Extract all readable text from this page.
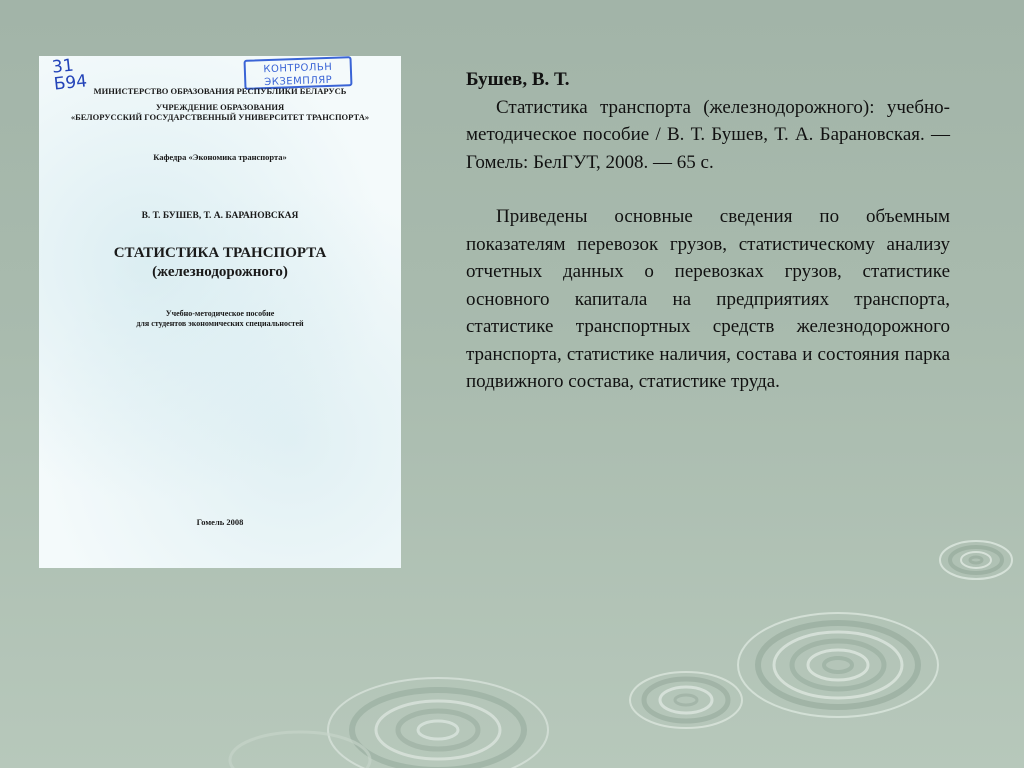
31
Б94
КОНТРОЛЬН
ЭКЗЕМПЛЯР
МИНИСТЕРСТВО ОБРАЗОВАНИЯ РЕСПУБЛИКИ БЕЛАРУСЬ
УЧРЕЖДЕНИЕ ОБРАЗОВАНИЯ
«БЕЛОРУССКИЙ ГОСУДАРСТВЕННЫЙ УНИВЕРСИТЕТ ТРАНСПОРТА»
Кафедра «Экономика транспорта»
В. Т. БУШЕВ, Т. А. БАРАНОВСКАЯ
СТАТИСТИКА ТРАНСПОРТА
(железнодорожного)
Учебно-методическое пособие
для студентов экономических специальностей
Гомель 2008

Бушев, В. Т.

Статистика транспорта (железнодорожного): учебно-методическое пособие / В. Т. Бушев, Т. А. Барановская. — Гомель: БелГУТ, 2008. — 65 с.

Приведены основные сведения по объемным показателям перевозок грузов, статистическому анализу отчетных данных о перевозках грузов, статистике основного капитала на предприятиях транспорта, статистике транспортных средств железнодорожного транспорта, статистике наличия, состава и состояния парка подвижного состава, статистике труда.
